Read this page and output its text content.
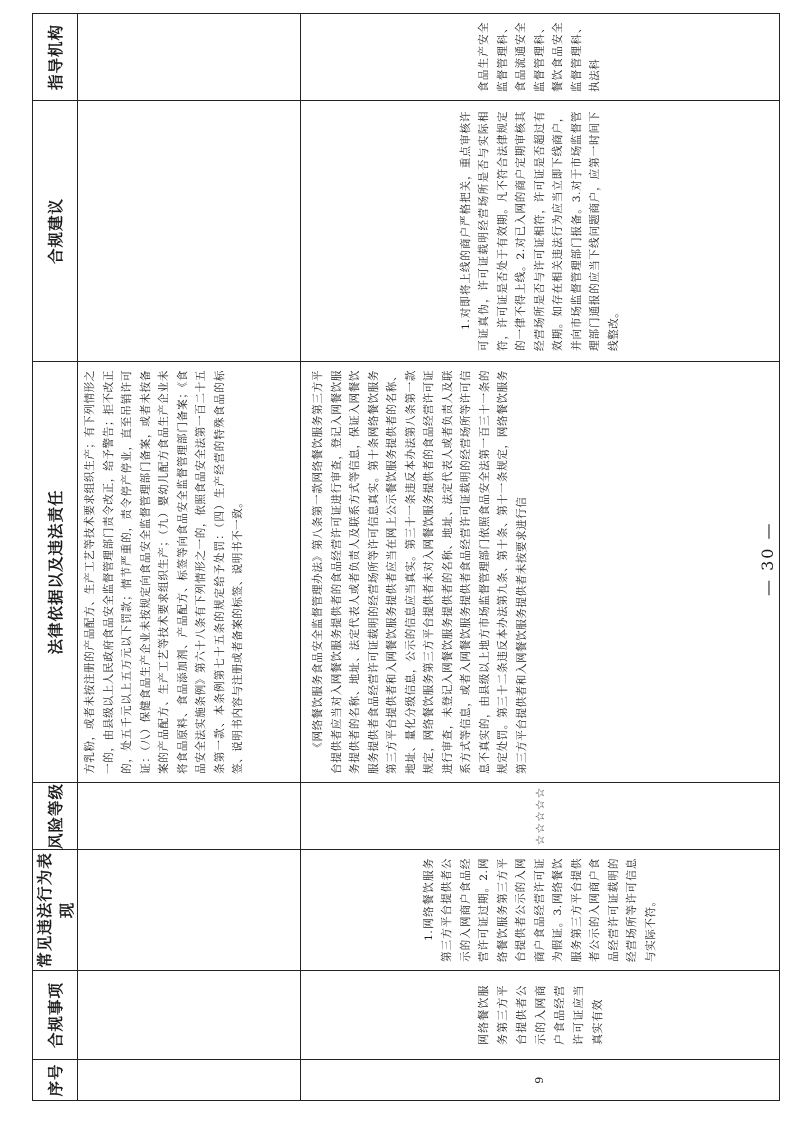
序号	合规事项	常见违法行为表现	风险等级	法律依据以及违法责任	合规建议	指导机构

				方乳粉，或者未按注册的产品配方、生产工艺等技术要求组织生产；有下列情形之一的，由县级以上人民政府食品安全监督管理部门责令改正，给予警告；拒不改正的，处五千元以上五万元以下罚款；情节严重的，责令停产停业，直至吊销许可证：（八）保健食品生产企业未按规定向食品安全监督管理部门备案，或者未按备案的产品配方、生产工艺等技术要求组织生产；（九）婴幼儿配方食品生产企业未将食品原料、食品添加剂、产品配方、标签等向食品安全监督管理部门备案；《食品安全法实施条例》第六十八条有下列情形之一的，依照食品安全法第一百二十五条第一款、本条例第七十五条的规定给予处罚：（四）生产经营的特殊食品的标签、说明书内容与注册或者备案的标签、说明书不一致。		

9	网络餐饮服务第三方平台提供者公示的入网商户食品经营许可证应当真实有效	1.网络餐饮服务第三方平台提供者公示的入网商户食品经营许可证过期。2.网络餐饮服务第三方平台提供者公示的入网商户食品经营许可证为假证。3.网络餐饮服务第三方平台提供者公示的入网商户食品经营许可证载明的经营场所等许可信息与实际不符。	☆☆☆☆☆	《网络餐饮服务食品安全监督管理办法》第八条第一款网络餐饮服务第三方平台提供者应当对入网餐饮服务提供者的食品经营许可证进行审查，登记入网餐饮服务提供者的名称、地址、法定代表人或者负责人及联系方式等信息，保证入网餐饮服务提供者食品经营许可证载明的经营场所等许可信息真实。第十条网络餐饮服务第三方平台提供者和入网餐饮服务提供者应当在网上公示餐饮服务提供者的名称、地址、量化分级信息，公示的信息应当真实。第三十一条违反本办法第八条第一款规定，网络餐饮服务第三方平台提供者未对入网餐饮服务提供者的食品经营许可证进行审查，未登记入网餐饮服务提供者的名称、地址、法定代表人或者负责人及联系方式等信息，或者入网餐饮服务提供者食品经营许可证载明的经营场所等许可信息不真实的，由县级以上地方市场监督管理部门依照食品安全法第一百三十一条的规定处罚。第三十二条违反本办法第九条、第十条、第十一条规定，网络餐饮服务第三方平台提供者和入网餐饮服务提供者未按要求进行信	1.对即将上线的商户严格把关，重点审核许可证真伪，许可证载明经营场所是否与实际相符，许可证是否处于有效期。凡不符合法律规定的一律不得上线。2.对已入网的商户定期审核其经营场所是否与许可证相符，许可证是否超过有效期。如存在相关违法行为应当立即下线商户，并向市场监督管理部门报备。3.对于市场监督管理部门通报的应当下线问题商户，应第一时间下线整改。	食品生产安全监督管理科、食品流通安全监督管理科、餐饮食品安全监督管理科、执法科

— 30 —
